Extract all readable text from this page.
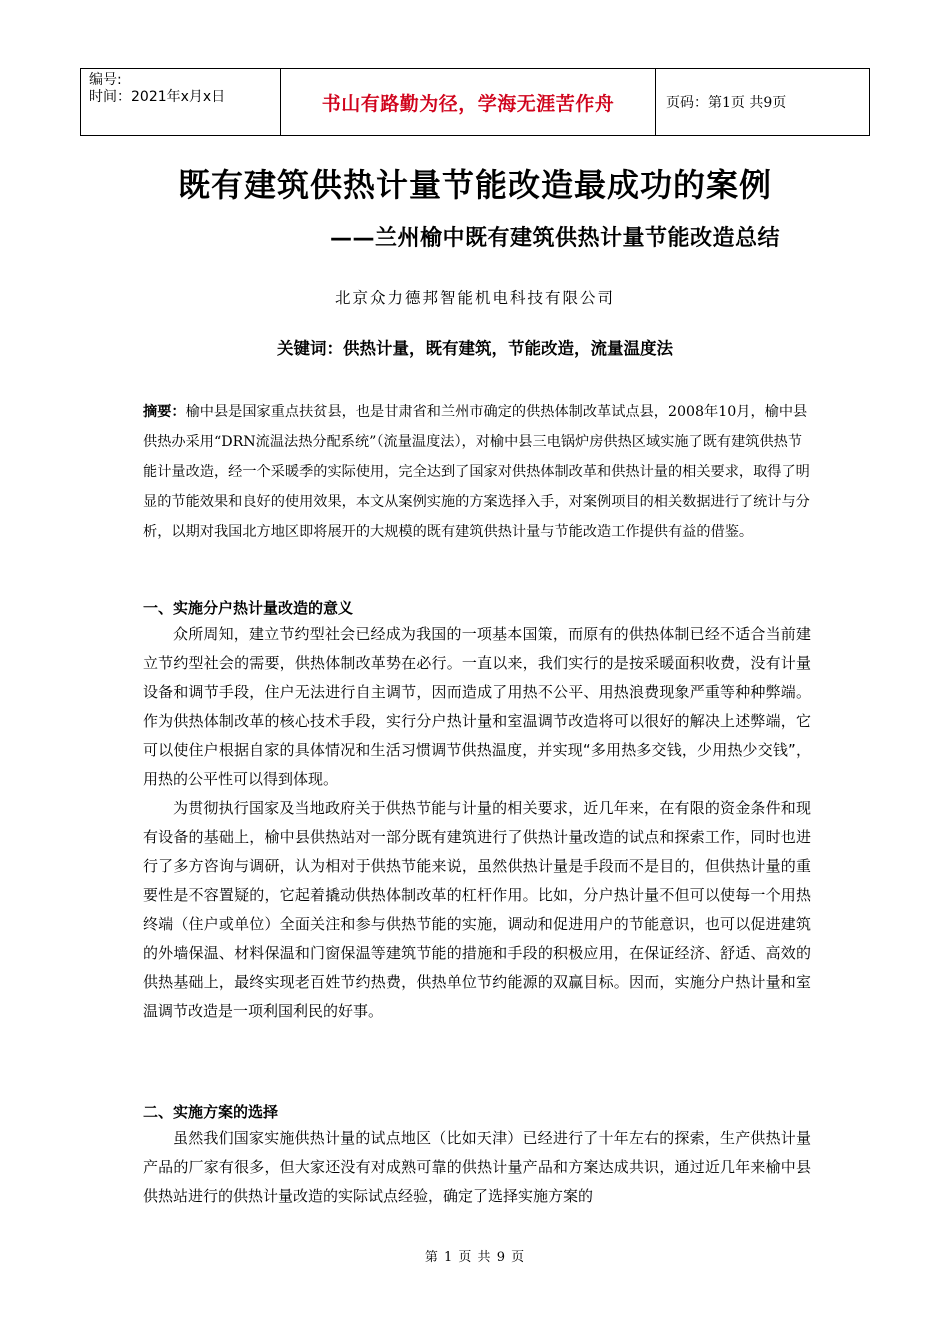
编号:
时间：2021年x月x日	书山有路勤为径，学海无涯苦作舟	页码：第1页 共9页
既有建筑供热计量节能改造最成功的案例
——兰州榆中既有建筑供热计量节能改造总结
北京众力德邦智能机电科技有限公司
关键词：供热计量，既有建筑，节能改造，流量温度法
摘要：榆中县是国家重点扶贫县，也是甘肃省和兰州市确定的供热体制改革试点县，2008年10月，榆中县供热办采用“DRN流温法热分配系统”（流量温度法），对榆中县三电锅炉房供热区域实施了既有建筑供热节能计量改造，经一个采暖季的实际使用，完全达到了国家对供热体制改革和供热计量的相关要求，取得了明显的节能效果和良好的使用效果，本文从案例实施的方案选择入手，对案例项目的相关数据进行了统计与分析，以期对我国北方地区即将展开的大规模的既有建筑供热计量与节能改造工作提供有益的借鉴。
一、实施分户热计量改造的意义

众所周知，建立节约型社会已经成为我国的一项基本国策，而原有的供热体制已经不适合当前建立节约型社会的需要，供热体制改革势在必行。一直以来，我们实行的是按采暖面积收费，没有计量设备和调节手段，住户无法进行自主调节，因而造成了用热不公平、用热浪费现象严重等种种弊端。作为供热体制改革的核心技术手段，实行分户热计量和室温调节改造将可以很好的解决上述弊端，它可以使住户根据自家的具体情况和生活习惯调节供热温度，并实现“多用热多交钱，少用热少交钱”，用热的公平性可以得到体现。

为贯彻执行国家及当地政府关于供热节能与计量的相关要求，近几年来，在有限的资金条件和现有设备的基础上，榆中县供热站对一部分既有建筑进行了供热计量改造的试点和探索工作，同时也进行了多方咨询与调研，认为相对于供热节能来说，虽然供热计量是手段而不是目的，但供热计量的重要性是不容置疑的，它起着撬动供热体制改革的杠杆作用。比如，分户热计量不但可以使每一个用热终端（住户或单位）全面关注和参与供热节能的实施，调动和促进用户的节能意识，也可以促进建筑的外墙保温、材料保温和门窗保温等建筑节能的措施和手段的积极应用，在保证经济、舒适、高效的供热基础上，最终实现老百姓节约热费，供热单位节约能源的双赢目标。因而，实施分户热计量和室温调节改造是一项利国利民的好事。

二、实施方案的选择

虽然我们国家实施供热计量的试点地区（比如天津）已经进行了十年左右的探索，生产供热计量产品的厂家有很多，但大家还没有对成熟可靠的供热计量产品和方案达成共识，通过近几年来榆中县供热站进行的供热计量改造的实际试点经验，确定了选择实施方案的

第 1 页 共 9 页
